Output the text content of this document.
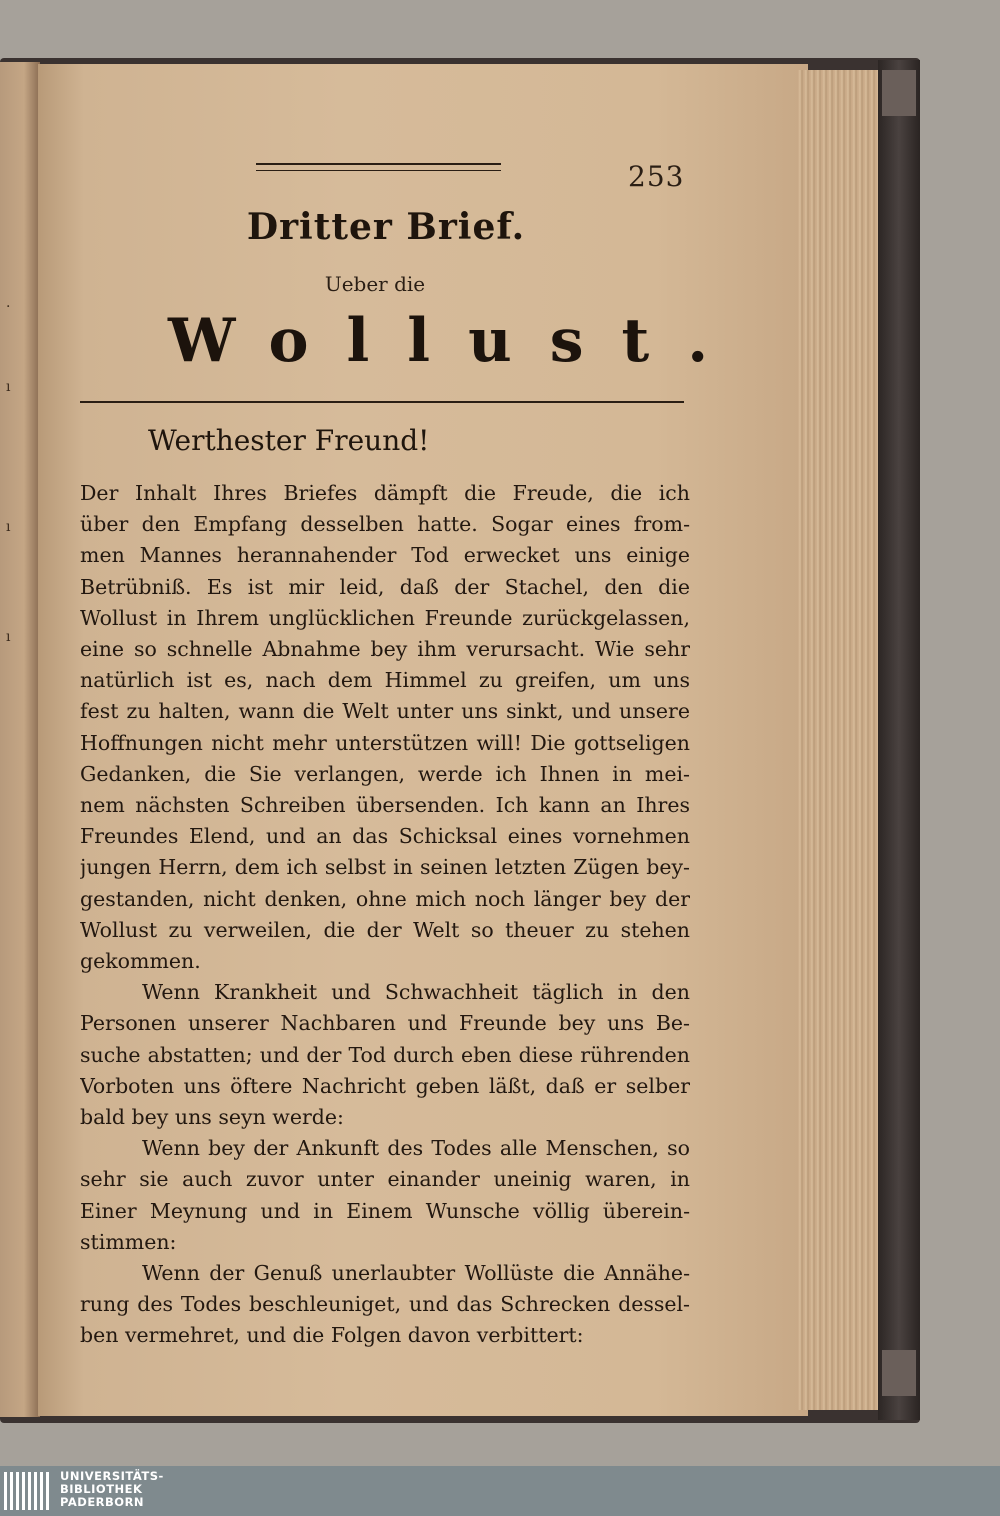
·
ı
ı
ı
253
Dritter Brief.
Ueber die
Wollust.
Werthester Freund!
Der Inhalt Ihres Briefes dämpft die Freude, die ich
über den Empfang desselben hatte. Sogar eines from-
men Mannes herannahender Tod erwecket uns einige
Betrübniß. Es ist mir leid, daß der Stachel, den die
Wollust in Ihrem unglücklichen Freunde zurückgelassen,
eine so schnelle Abnahme bey ihm verursacht. Wie sehr
natürlich ist es, nach dem Himmel zu greifen, um uns
fest zu halten, wann die Welt unter uns sinkt, und unsere
Hoffnungen nicht mehr unterstützen will! Die gottseligen
Gedanken, die Sie verlangen, werde ich Ihnen in mei-
nem nächsten Schreiben übersenden. Ich kann an Ihres
Freundes Elend, und an das Schicksal eines vornehmen
jungen Herrn, dem ich selbst in seinen letzten Zügen bey-
gestanden, nicht denken, ohne mich noch länger bey der
Wollust zu verweilen, die der Welt so theuer zu stehen
gekommen.
Wenn Krankheit und Schwachheit täglich in den
Personen unserer Nachbaren und Freunde bey uns Be-
suche abstatten; und der Tod durch eben diese rührenden
Vorboten uns öftere Nachricht geben läßt, daß er selber
bald bey uns seyn werde:
Wenn bey der Ankunft des Todes alle Menschen, so
sehr sie auch zuvor unter einander uneinig waren, in
Einer Meynung und in Einem Wunsche völlig überein-
stimmen:
Wenn der Genuß unerlaubter Wollüste die Annähe-
rung des Todes beschleuniget, und das Schrecken dessel-
ben vermehret, und die Folgen davon verbittert:
UNIVERSITÄTS-
BIBLIOTHEK
PADERBORN
